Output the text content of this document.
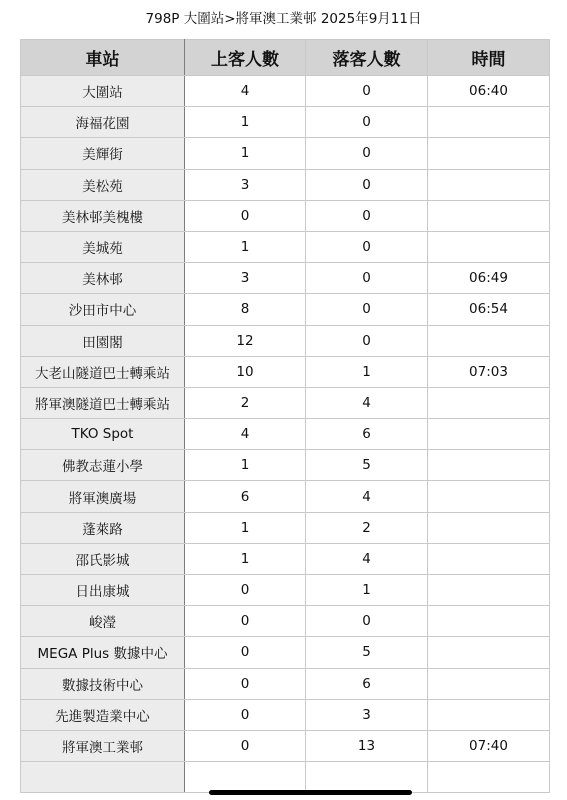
798P 大圍站>將軍澳工業邨 2025年9月11日
車站	上客人數	落客人數	時間
大圍站	4	0	06:40
海福花園	1	0	
美輝街	1	0	
美松苑	3	0	
美林邨美槐樓	0	0	
美城苑	1	0	
美林邨	3	0	06:49
沙田市中心	8	0	06:54
田園閣	12	0	
大老山隧道巴士轉乘站	10	1	07:03
將軍澳隧道巴士轉乘站	2	4	
TKO Spot	4	6	
佛教志蓮小學	1	5	
將軍澳廣場	6	4	
蓬萊路	1	2	
邵氏影城	1	4	
日出康城	0	1	
峻瀅	0	0	
MEGA Plus 數據中心	0	5	
數據技術中心	0	6	
先進製造業中心	0	3	
將軍澳工業邨	0	13	07:40
